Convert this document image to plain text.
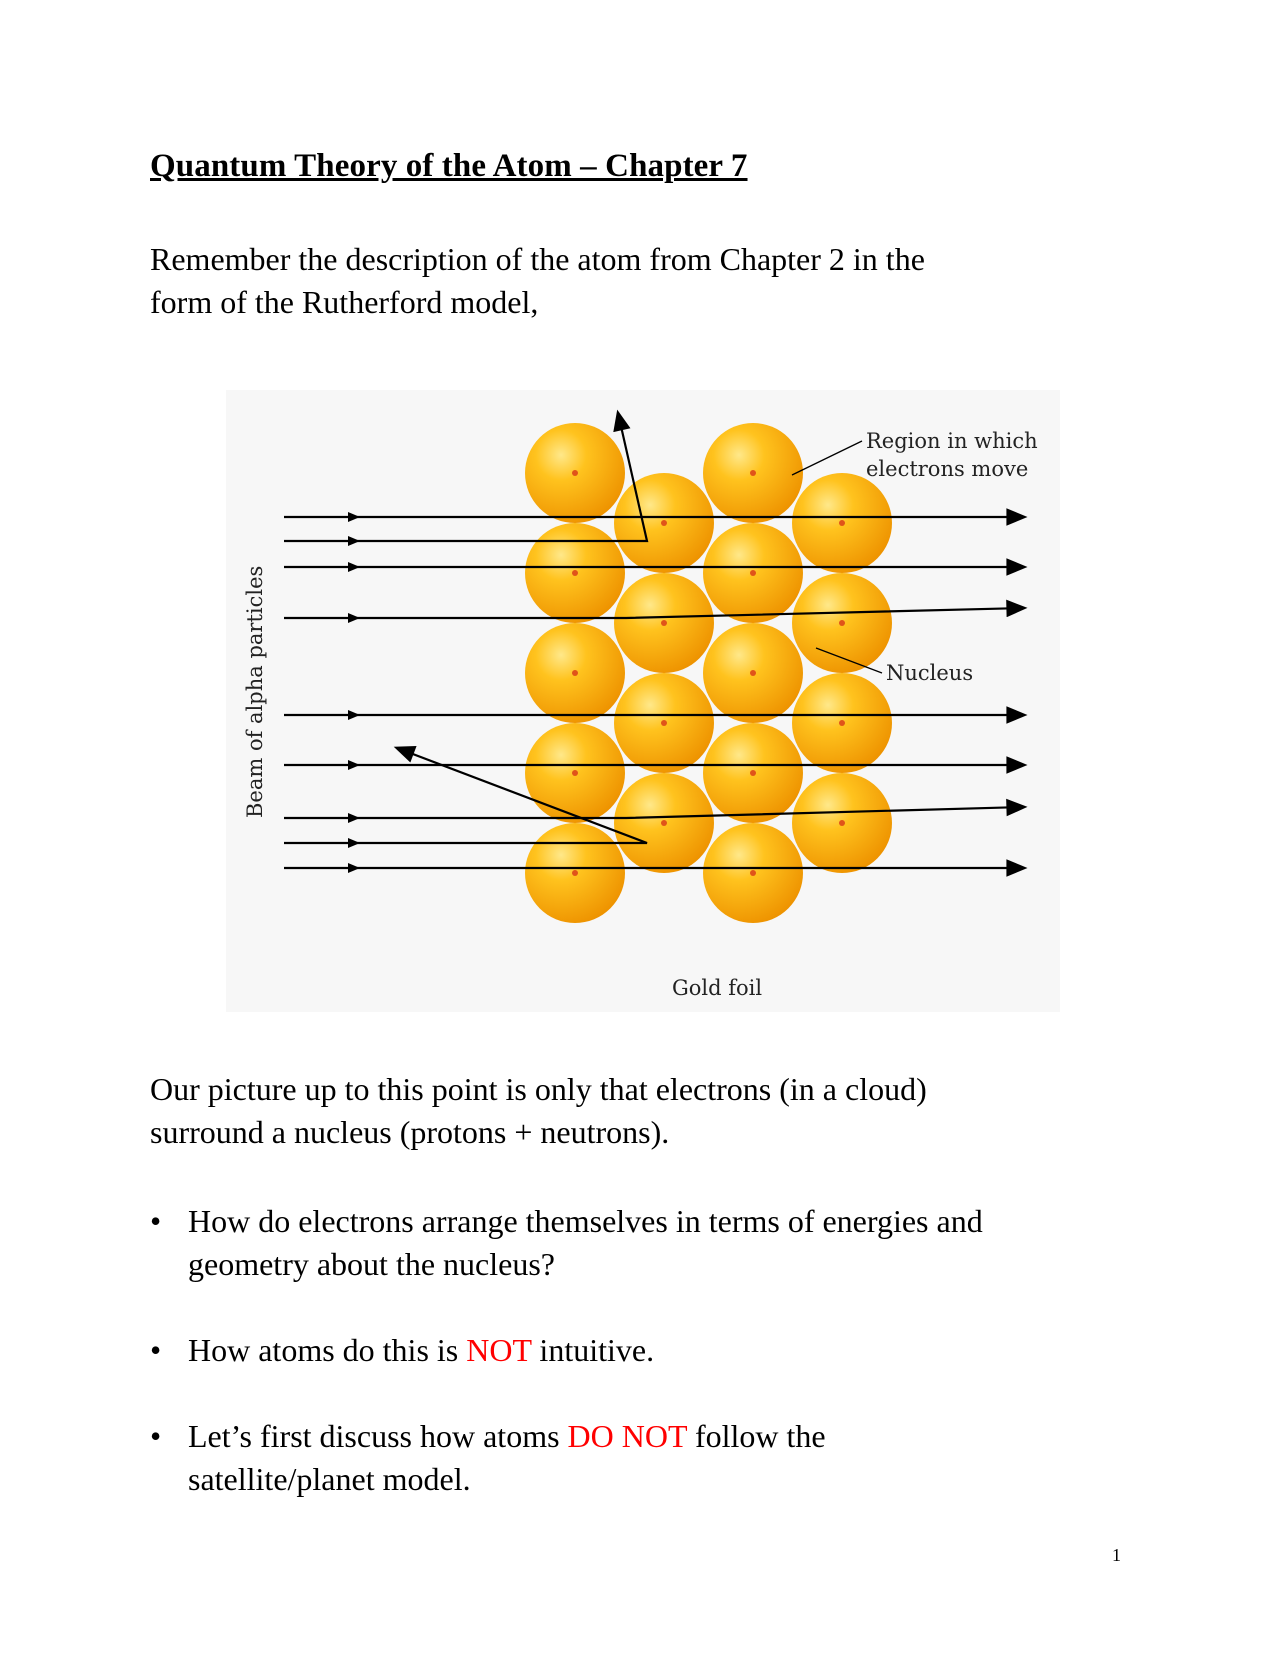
Quantum Theory of the Atom – Chapter 7

Remember the description of the atom from Chapter 2 in the
form of the Rutherford model,

Region in which
electrons move
Nucleus
Gold foil
Beam of alpha particles

Our picture up to this point is only that electrons (in a cloud)
surround a nucleus (protons + neutrons).

• How do electrons arrange themselves in terms of energies and
geometry about the nucleus?
• How atoms do this is NOT intuitive.
• Let’s first discuss how atoms DO NOT follow the
satellite/planet model.
1
